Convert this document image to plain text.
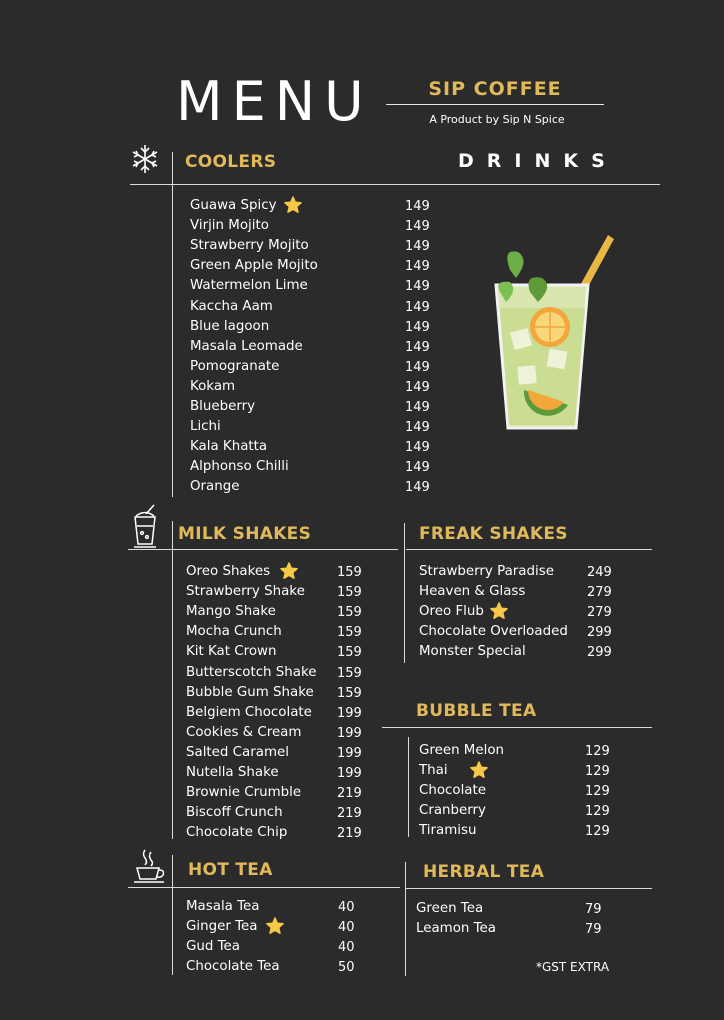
MENU	SIP COFFEE
A Product by Sip N Spice
DRINKS
COOLERS
Guawa Spicy	149
Virjin Mojito	149
Strawberry Mojito	149
Green Apple Mojito	149
Watermelon Lime	149
Kaccha Aam	149
Blue lagoon	149
Masala Leomade	149
Pomogranate	149
Kokam	149
Blueberry	149
Lichi	149
Kala Khatta	149
Alphonso Chilli	149
Orange	149
MILK SHAKES
Oreo Shakes	159
Strawberry Shake 159
Mango Shake	159
Mocha Crunch	159
Kit Kat Crown	159
Butterscotch Shake 159
Bubble Gum Shake 159
Belgiem Chocolate 199
Cookies & Cream	199
Salted Caramel	199
Nutella Shake	199
Brownie Crumble	219
Biscoff Crunch	219
Chocolate Chip	219
FREAK SHAKES
Strawberry Paradise	249
Heaven & Glass	279
Oreo Flub	279
Chocolate Overloaded 299
Monster Special	299
BUBBLE TEA
Green Melon	129
Thai	129
Chocolate	129
Cranberry	129
Tiramisu	129
HOT TEA
Masala Tea	40
Ginger Tea	40
Gud Tea	40
Chocolate Tea	50
HERBAL TEA
Green Tea	79
Leamon Tea	79
*GST EXTRA
